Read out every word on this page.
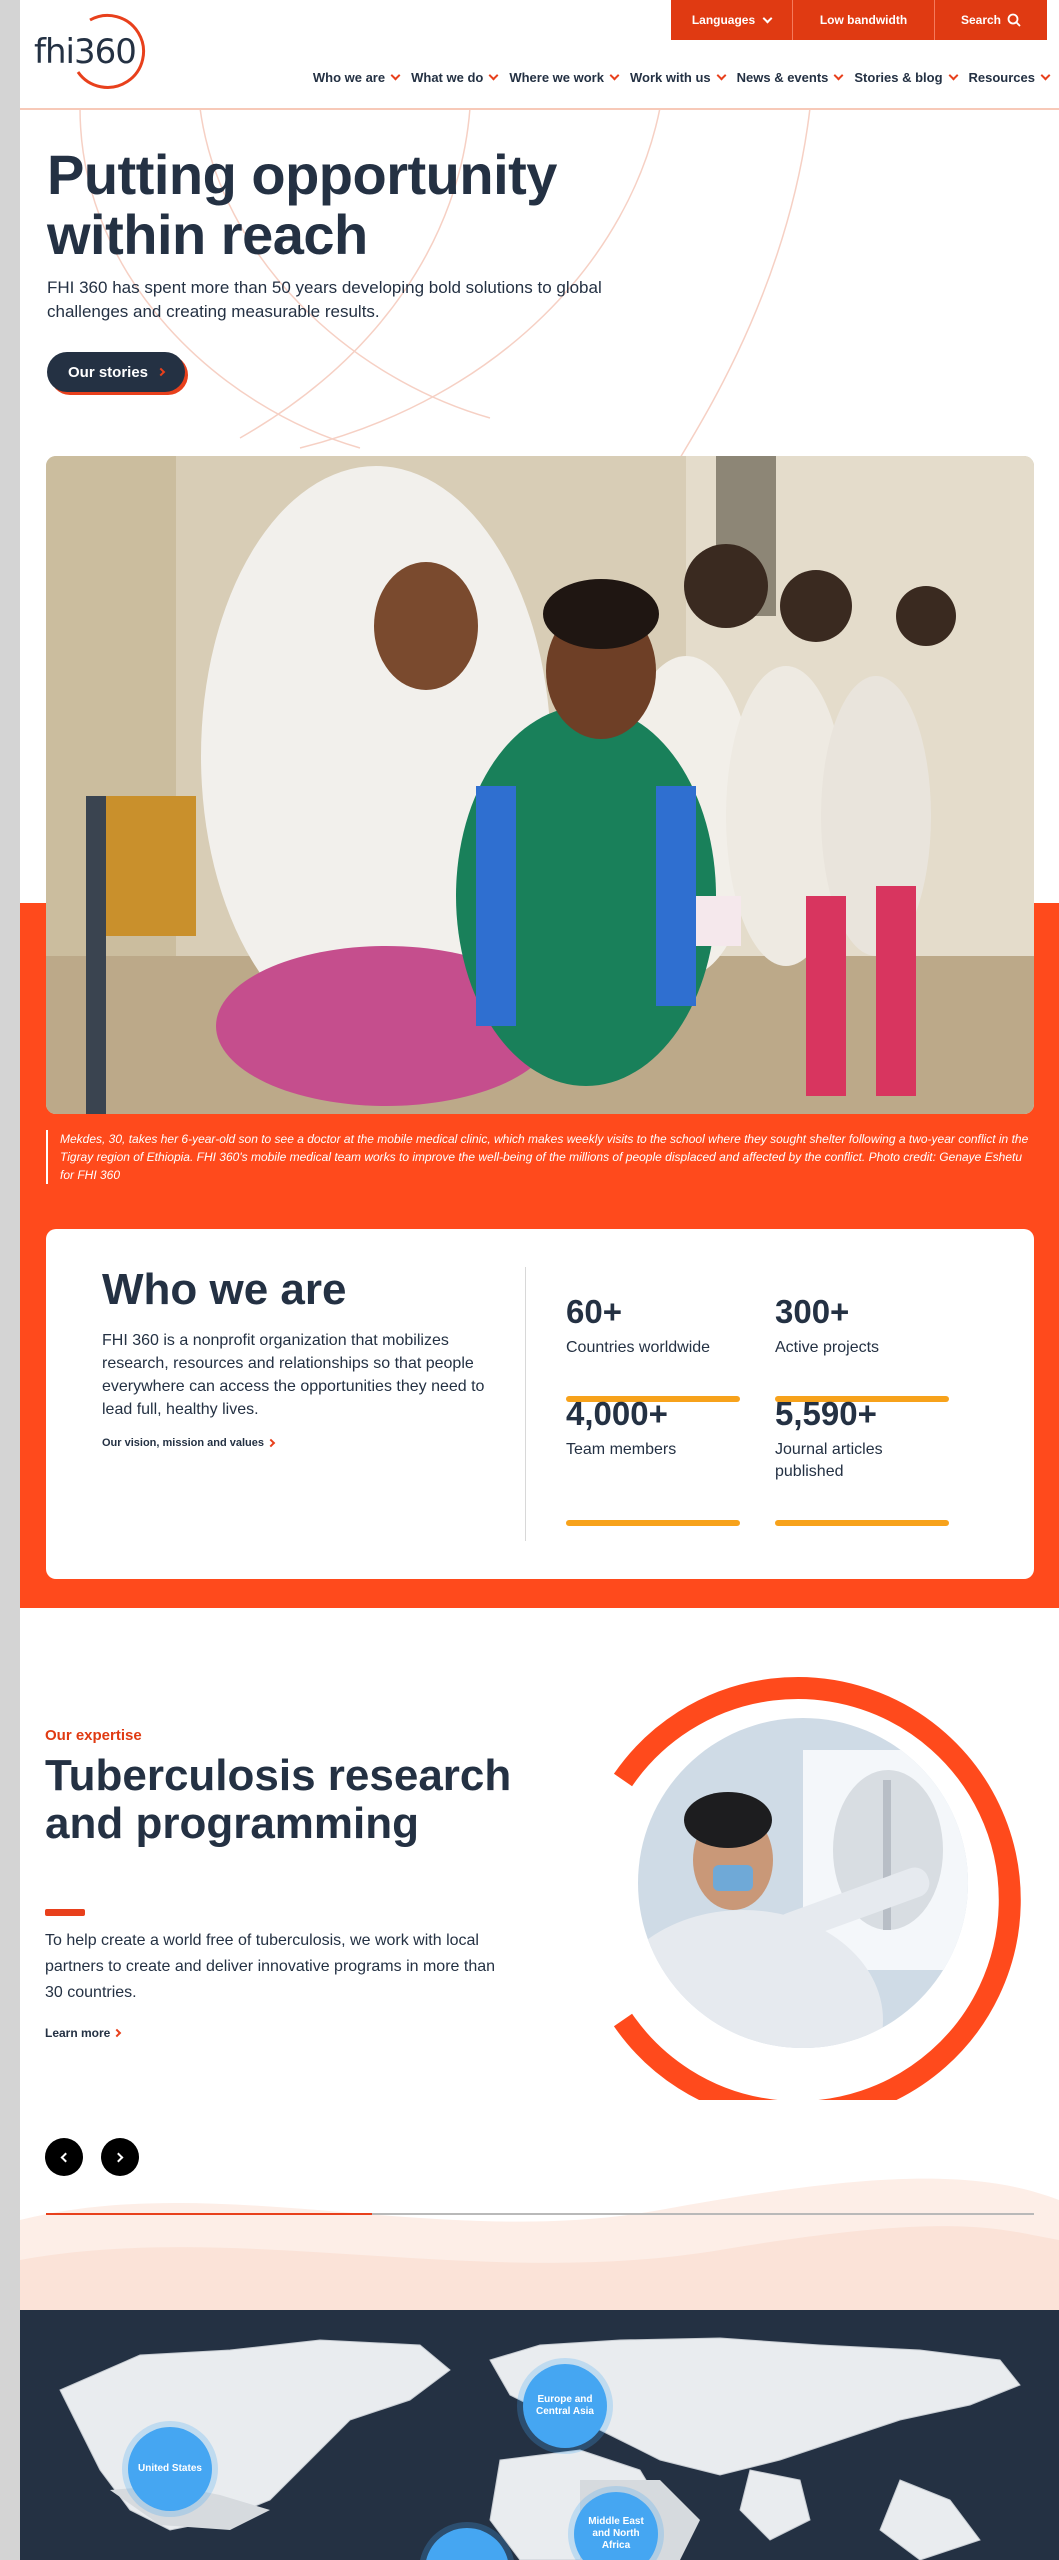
fhi360
Languages	Low bandwidth	Search
Who we are What we do Where we work Work with us News & events Stories & blog Resources
Putting opportunity
within reach

FHI 360 has spent more than 50 years developing bold solutions to global challenges and creating measurable results.

Our stories

Mekdes, 30, takes her 6-year-old son to see a doctor at the mobile medical clinic, which makes weekly visits to the school where they sought shelter following a two-year conflict in the Tigray region of Ethiopia. FHI 360's mobile medical team works to improve the well-being of the millions of people displaced and affected by the conflict. Photo credit: Genaye Eshetu for FHI 360

Who we are

FHI 360 is a nonprofit organization that mobilizes research, resources and relationships so that people everywhere can access the opportunities they need to lead full, healthy lives.

Our vision, mission and values
60+
Countries worldwide
300+
Active projects
4,000+
Team members
5,590+
Journal articles published
Our expertise
Tuberculosis research and programming

To help create a world free of tuberculosis, we work with local partners to create and deliver innovative programs in more than 30 countries.

Learn more
United States
Europe and Central Asia
Middle East and North Africa
